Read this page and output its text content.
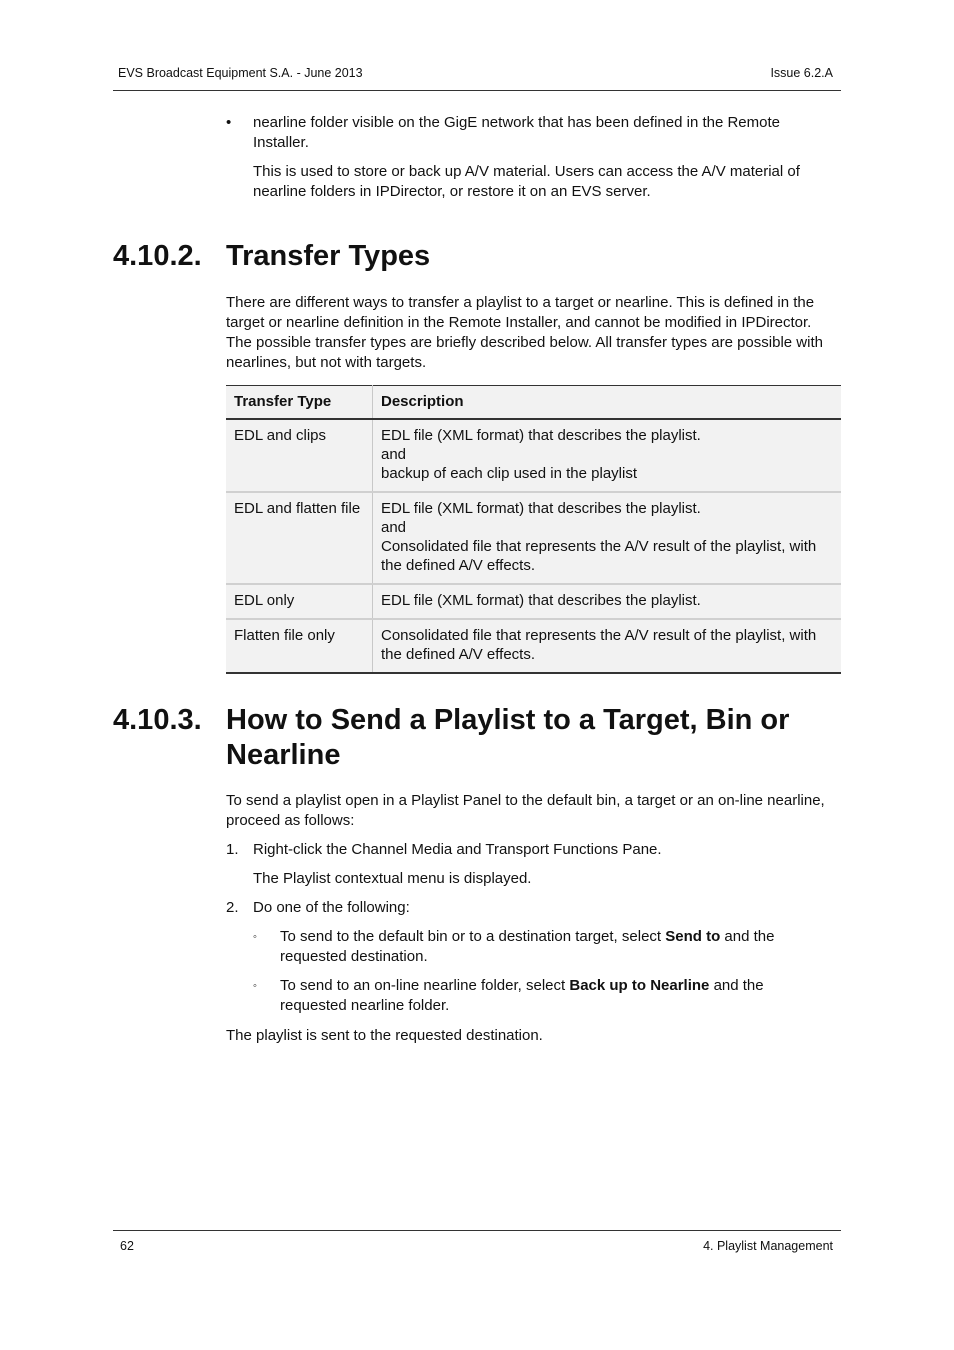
EVS Broadcast Equipment S.A. - June 2013	Issue 6.2.A
• nearline folder visible on the GigE network that has been defined in the Remote Installer.

This is used to store or back up A/V material. Users can access the A/V material of nearline folders in IPDirector, or restore it on an EVS server.

4.10.2. Transfer Types

There are different ways to transfer a playlist to a target or nearline. This is defined in the target or nearline definition in the Remote Installer, and cannot be modified in IPDirector. The possible transfer types are briefly described below. All transfer types are possible with nearlines, but not with targets.

Transfer Type	Description
EDL and clips	EDL file (XML format) that describes the playlist.
and
backup of each clip used in the playlist

EDL and flatten file	EDL file (XML format) that describes the playlist.
and
Consolidated file that represents the A/V result of the playlist, with the defined A/V effects.

EDL only	EDL file (XML format) that describes the playlist.

Flatten file only	Consolidated file that represents the A/V result of the playlist, with the defined A/V effects.
4.10.3. How to Send a Playlist to a Target, Bin or Nearline

To send a playlist open in a Playlist Panel to the default bin, a target or an on-line nearline, proceed as follows:

1. Right-click the Channel Media and Transport Functions Pane.

The Playlist contextual menu is displayed.

2. Do one of the following:

◦ To send to the default bin or to a destination target, select Send to and the requested destination.

◦ To send to an on-line nearline folder, select Back up to Nearline and the requested nearline folder.

The playlist is sent to the requested destination.

62	4. Playlist Management
